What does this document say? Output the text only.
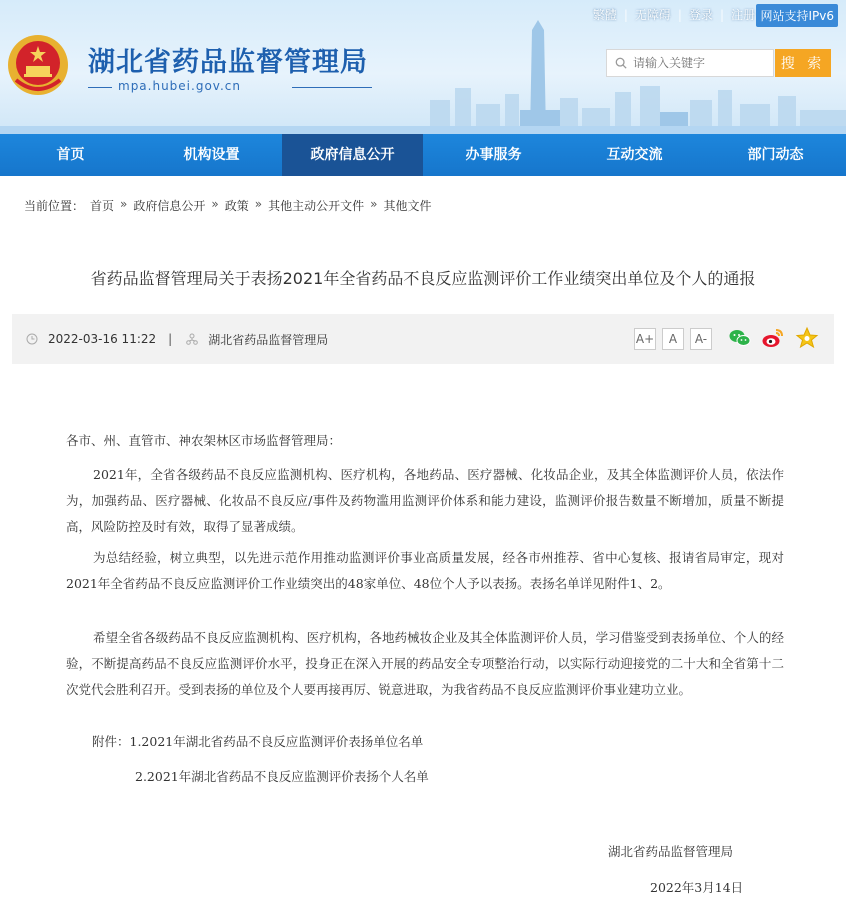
繁體 | 无障碍 | 登录 | 注册 网站支持IPv6
湖北省药品监督管理局
mpa.hubei.gov.cn
请输入关键字
搜 索
首页	机构设置	政府信息公开	办事服务	互动交流	部门动态
当前位置： 首页 » 政府信息公开 » 政策 » 其他主动公开文件 » 其他文件
省药品监督管理局关于表扬2021年全省药品不良反应监测评价工作业绩突出单位及个人的通报
2022-03-16 11:22 |	湖北省药品监督管理局	A+	A	A-
各市、州、直管市、神农架林区市场监督管理局：

2021年，全省各级药品不良反应监测机构、医疗机构，各地药品、医疗器械、化妆品企业，及其全体监测评价人员，依法作为，加强药品、医疗器械、化妆品不良反应/事件及药物滥用监测评价体系和能力建设，监测评价报告数量不断增加，质量不断提高，风险防控及时有效，取得了显著成绩。

为总结经验，树立典型，以先进示范作用推动监测评价事业高质量发展，经各市州推荐、省中心复核、报请省局审定，现对2021年全省药品不良反应监测评价工作业绩突出的48家单位、48位个人予以表扬。表扬名单详见附件1、2。

希望全省各级药品不良反应监测机构、医疗机构，各地药械妆企业及其全体监测评价人员，学习借鉴受到表扬单位、个人的经验，不断提高药品不良反应监测评价水平，投身正在深入开展的药品安全专项整治行动，以实际行动迎接党的二十大和全省第十二次党代会胜利召开。受到表扬的单位及个人要再接再厉、锐意进取，为我省药品不良反应监测评价事业建功立业。

附件：1.2021年湖北省药品不良反应监测评价表扬单位名单
2.2021年湖北省药品不良反应监测评价表扬个人名单
湖北省药品监督管理局
2022年3月14日
